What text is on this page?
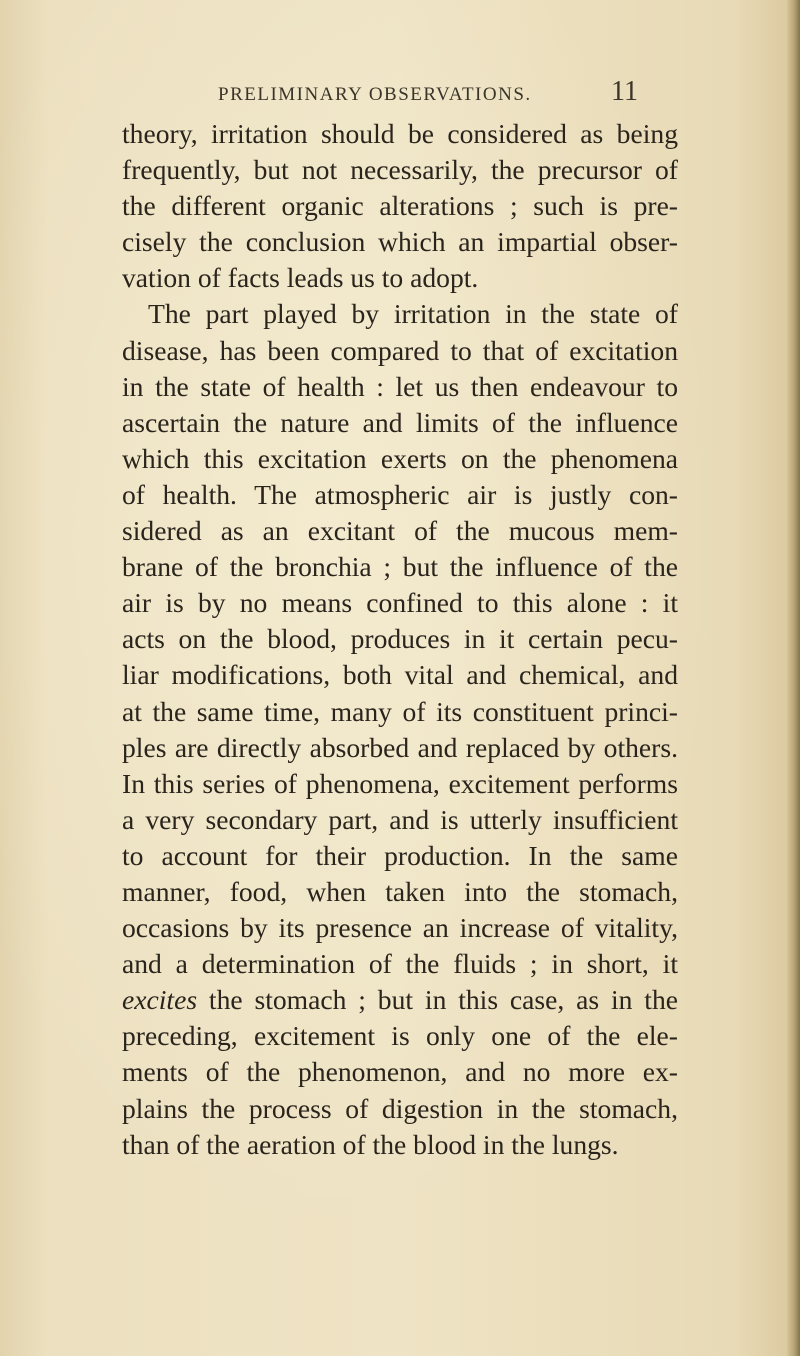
PRELIMINARY OBSERVATIONS.	11
theory, irritation should be considered as being
frequently, but not necessarily, the precursor of
the different organic alterations ; such is pre-
cisely the conclusion which an impartial obser-
vation of facts leads us to adopt.
The part played by irritation in the state of
disease, has been compared to that of excitation
in the state of health : let us then endeavour to
ascertain the nature and limits of the influence
which this excitation exerts on the phenomena
of health. The atmospheric air is justly con-
sidered as an excitant of the mucous mem-
brane of the bronchia ; but the influence of the
air is by no means confined to this alone : it
acts on the blood, produces in it certain pecu-
liar modifications, both vital and chemical, and
at the same time, many of its constituent princi-
ples are directly absorbed and replaced by others.
In this series of phenomena, excitement performs
a very secondary part, and is utterly insufficient
to account for their production. In the same
manner, food, when taken into the stomach,
occasions by its presence an increase of vitality,
and a determination of the fluids ; in short, it
excites the stomach ; but in this case, as in the
preceding, excitement is only one of the ele-
ments of the phenomenon, and no more ex-
plains the process of digestion in the stomach,
than of the aeration of the blood in the lungs.
